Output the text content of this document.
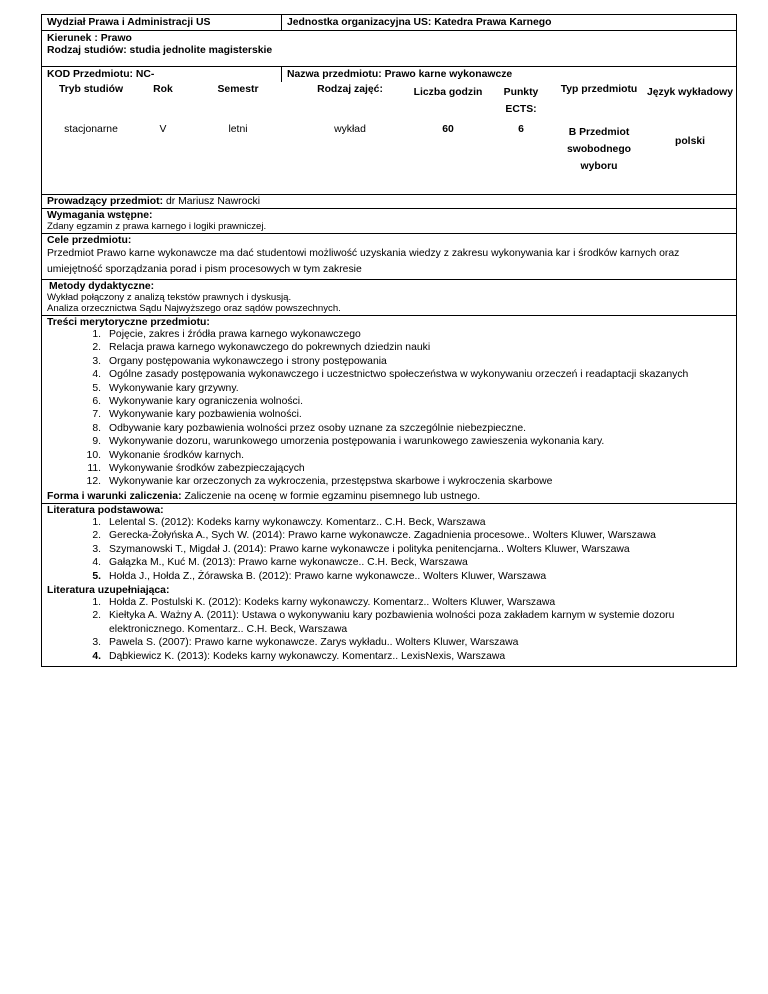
Wydział Prawa i Administracji US	Jednostka organizacyjna US: Katedra Prawa Karnego
Kierunek : Prawo
Rodzaj studiów: studia jednolite magisterskie
KOD Przedmiotu: NC-	Nazwa przedmiotu: Prawo karne wykonawcze
Tryb studiów	Rok	Semestr	Rodzaj zajęć:	Liczba godzin	Punkty ECTS:	Typ przedmiotu	Język wykładowy
stacjonarne	V	letni	wykład	60	6	B Przedmiot swobodnego wyboru	polski
Prowadzący przedmiot: dr Mariusz Nawrocki
Wymagania wstępne:
Zdany egzamin z prawa karnego i logiki prawniczej.
Cele przedmiotu:
Przedmiot Prawo karne wykonawcze ma dać studentowi możliwość uzyskania wiedzy z zakresu wykonywania kar i środków karnych oraz umiejętność sporządzania porad i pism procesowych w tym zakresie
Metody dydaktyczne:
Wykład połączony z analizą tekstów prawnych i dyskusją.
Analiza orzecznictwa Sądu Najwyższego oraz sądów powszechnych.
Treści merytoryczne przedmiotu:
1. Pojęcie, zakres i źródła prawa karnego wykonawczego
2. Relacja prawa karnego wykonawczego do pokrewnych dziedzin nauki
3. Organy postępowania wykonawczego i strony postępowania
4. Ogólne zasady postępowania wykonawczego i uczestnictwo społeczeństwa w wykonywaniu orzeczeń i readaptacji skazanych
5. Wykonywanie kary grzywny.
6. Wykonywanie kary ograniczenia wolności.
7. Wykonywanie kary pozbawienia wolności.
8. Odbywanie kary pozbawienia wolności przez osoby uznane za szczególnie niebezpieczne.
9. Wykonywanie dozoru, warunkowego umorzenia postępowania i warunkowego zawieszenia wykonania kary.
10. Wykonanie środków karnych.
11. Wykonywanie środków zabezpieczających
12. Wykonywanie kar orzeczonych za wykroczenia, przestępstwa skarbowe i wykroczenia skarbowe
Forma i warunki zaliczenia: Zaliczenie na ocenę w formie egzaminu pisemnego lub ustnego.
Literatura podstawowa:
1. Lelental S. (2012): Kodeks karny wykonawczy. Komentarz.. C.H. Beck, Warszawa
2. Gerecka-Żołyńska A., Sych W. (2014): Prawo karne wykonawcze. Zagadnienia procesowe.. Wolters Kluwer, Warszawa
3. Szymanowski T., Migdał J. (2014): Prawo karne wykonawcze i polityka penitencjarna.. Wolters Kluwer, Warszawa
4. Gałązka M., Kuć M. (2013): Prawo karne wykonawcze.. C.H. Beck, Warszawa
5. Hołda J., Hołda Z., Żórawska B. (2012): Prawo karne wykonawcze.. Wolters Kluwer, Warszawa
Literatura uzupełniająca:
1. Hołda Z. Postulski K. (2012): Kodeks karny wykonawczy. Komentarz.. Wolters Kluwer, Warszawa
2. Kiełtyka A. Ważny A. (2011): Ustawa o wykonywaniu kary pozbawienia wolności poza zakładem karnym w systemie dozoru elektronicznego. Komentarz.. C.H. Beck, Warszawa
3. Pawela S. (2007): Prawo karne wykonawcze. Zarys wykładu.. Wolters Kluwer, Warszawa
4. Dąbkiewicz K. (2013): Kodeks karny wykonawczy. Komentarz.. LexisNexis, Warszawa
